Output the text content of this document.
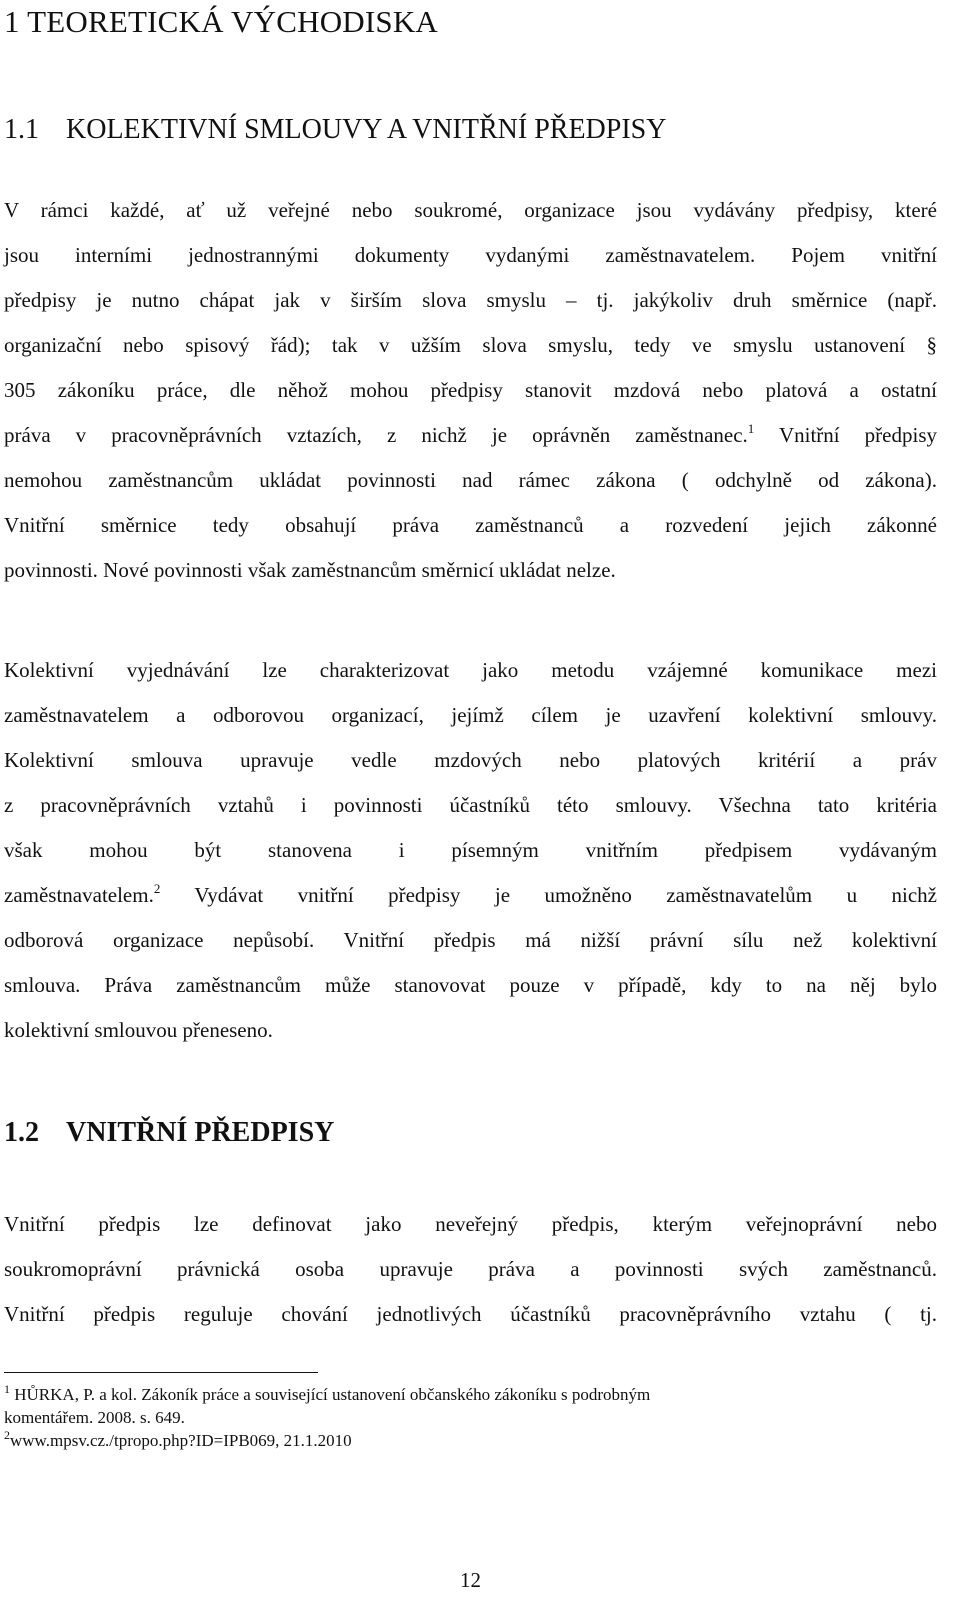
1 TEORETICKÁ VÝCHODISKA
1.1 KOLEKTIVNÍ SMLOUVY A VNITŘNÍ PŘEDPISY
V rámci každé, ať už veřejné nebo soukromé, organizace jsou vydávány předpisy, které
jsou interními jednostrannými dokumenty vydanými zaměstnavatelem. Pojem vnitřní
předpisy je nutno chápat jak v širším slova smyslu – tj. jakýkoliv druh směrnice (např.
organizační nebo spisový řád); tak v užším slova smyslu, tedy ve smyslu ustanovení §
305 zákoníku práce, dle něhož mohou předpisy stanovit mzdová nebo platová a ostatní
práva v pracovněprávních vztazích, z nichž je oprávněn zaměstnanec.$^1$ Vnitřní předpisy
nemohou zaměstnancům ukládat povinnosti nad rámec zákona ( odchylně od zákona).
Vnitřní směrnice tedy obsahují práva zaměstnanců a rozvedení jejich zákonné
povinnosti. Nové povinnosti však zaměstnancům směrnicí ukládat nelze.
Kolektivní vyjednávání lze charakterizovat jako metodu vzájemné komunikace mezi
zaměstnavatelem a odborovou organizací, jejímž cílem je uzavření kolektivní smlouvy.
Kolektivní smlouva upravuje vedle mzdových nebo platových kritérií a práv
z pracovněprávních vztahů i povinnosti účastníků této smlouvy. Všechna tato kritéria
však mohou být stanovena i písemným vnitřním předpisem vydávaným
zaměstnavatelem.$^2$ Vydávat vnitřní předpisy je umožněno zaměstnavatelům u nichž
odborová organizace nepůsobí. Vnitřní předpis má nižší právní sílu než kolektivní
smlouva. Práva zaměstnancům může stanovovat pouze v případě, kdy to na něj bylo
kolektivní smlouvou přeneseno.
1.2 VNITŘNÍ PŘEDPISY
Vnitřní předpis lze definovat jako neveřejný předpis, kterým veřejnoprávní nebo
soukromoprávní právnická osoba upravuje práva a povinnosti svých zaměstnanců.
Vnitřní předpis reguluje chování jednotlivých účastníků pracovněprávního vztahu ( tj.
$^1$ HŮRKA, P. a kol. Zákoník práce a související ustanovení občanského zákoníku s podrobným
komentářem. 2008. s. 649.
$^2$www.mpsv.cz./tpropo.php?ID=IPB069, 21.1.2010
12
